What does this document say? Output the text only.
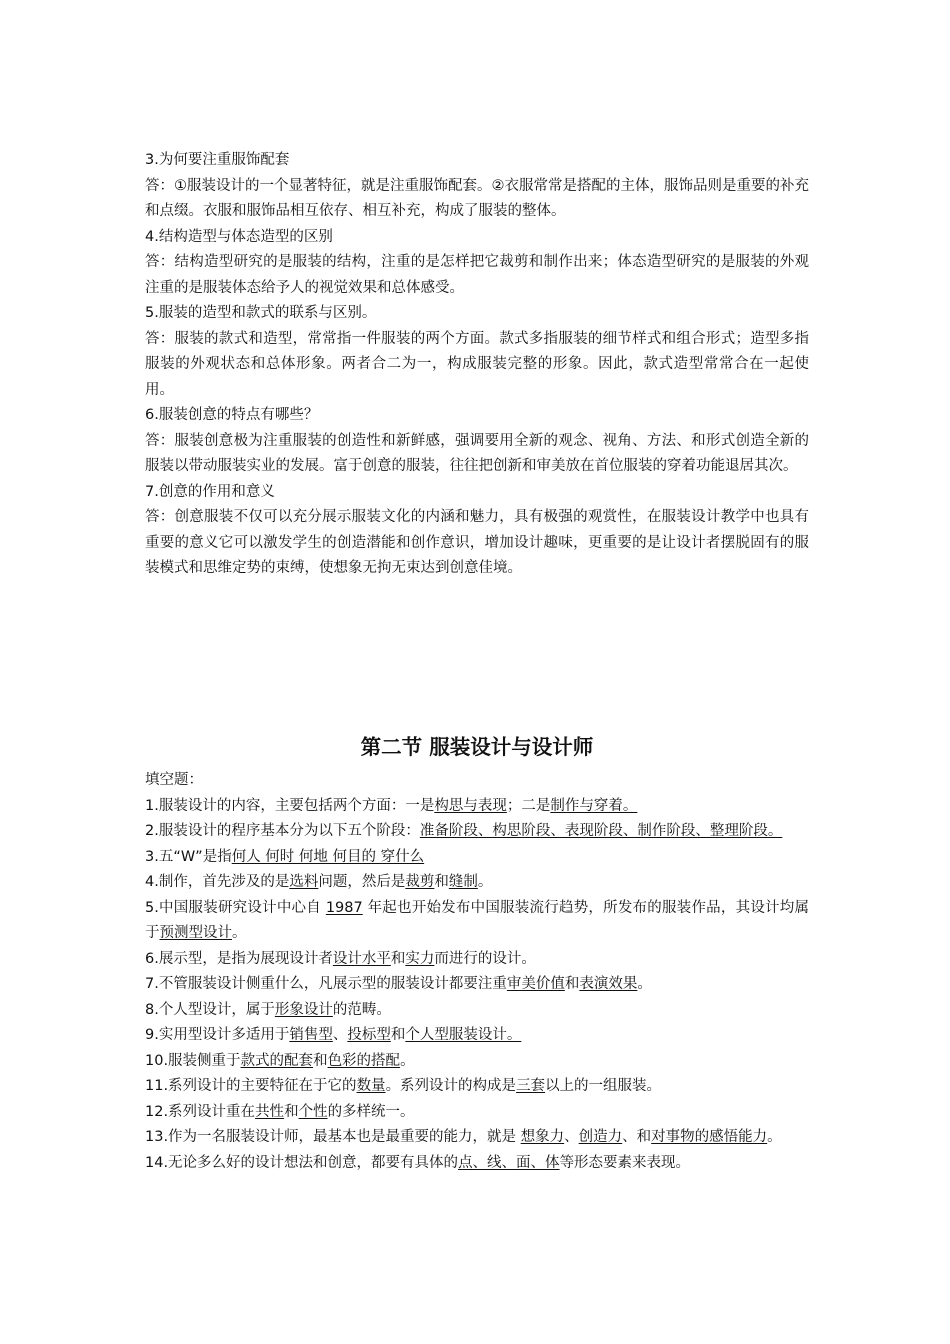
3.为何要注重服饰配套

答：①服装设计的一个显著特征，就是注重服饰配套。②衣服常常是搭配的主体，服饰品则是重要的补充和点缀。衣服和服饰品相互依存、相互补充，构成了服装的整体。

4.结构造型与体态造型的区别

答：结构造型研究的是服装的结构，注重的是怎样把它裁剪和制作出来；体态造型研究的是服装的外观注重的是服装体态给予人的视觉效果和总体感受。

5.服装的造型和款式的联系与区别。

答：服装的款式和造型，常常指一件服装的两个方面。款式多指服装的细节样式和组合形式；造型多指服装的外观状态和总体形象。两者合二为一，构成服装完整的形象。因此，款式造型常常合在一起使用。

6.服装创意的特点有哪些？

答：服装创意极为注重服装的创造性和新鲜感，强调要用全新的观念、视角、方法、和形式创造全新的服装以带动服装实业的发展。富于创意的服装，往往把创新和审美放在首位服装的穿着功能退居其次。

7.创意的作用和意义

答：创意服装不仅可以充分展示服装文化的内涵和魅力，具有极强的观赏性，在服装设计教学中也具有重要的意义它可以激发学生的创造潜能和创作意识，增加设计趣味，更重要的是让设计者摆脱固有的服装模式和思维定势的束缚，使想象无拘无束达到创意佳境。

第二节 服装设计与设计师

填空题：

1.服装设计的内容，主要包括两个方面：一是构思与表现；二是制作与穿着。

2.服装设计的程序基本分为以下五个阶段：准备阶段、构思阶段、表现阶段、制作阶段、整理阶段。

3.五“W”是指何人 何时 何地 何目的 穿什么

4.制作，首先涉及的是选料问题，然后是裁剪和缝制。

5.中国服装研究设计中心自 1987 年起也开始发布中国服装流行趋势，所发布的服装作品，其设计均属于预测型设计。

6.展示型，是指为展现设计者设计水平和实力而进行的设计。

7.不管服装设计侧重什么，凡展示型的服装设计都要注重审美价值和表演效果。

8.个人型设计，属于形象设计的范畴。

9.实用型设计多适用于销售型、投标型和个人型服装设计。

10.服装侧重于款式的配套和色彩的搭配。

11.系列设计的主要特征在于它的数量。系列设计的构成是三套以上的一组服装。

12.系列设计重在共性和个性的多样统一。

13.作为一名服装设计师，最基本也是最重要的能力，就是 想象力、创造力、和对事物的感悟能力。

14.无论多么好的设计想法和创意，都要有具体的点、线、面、体等形态要素来表现。
